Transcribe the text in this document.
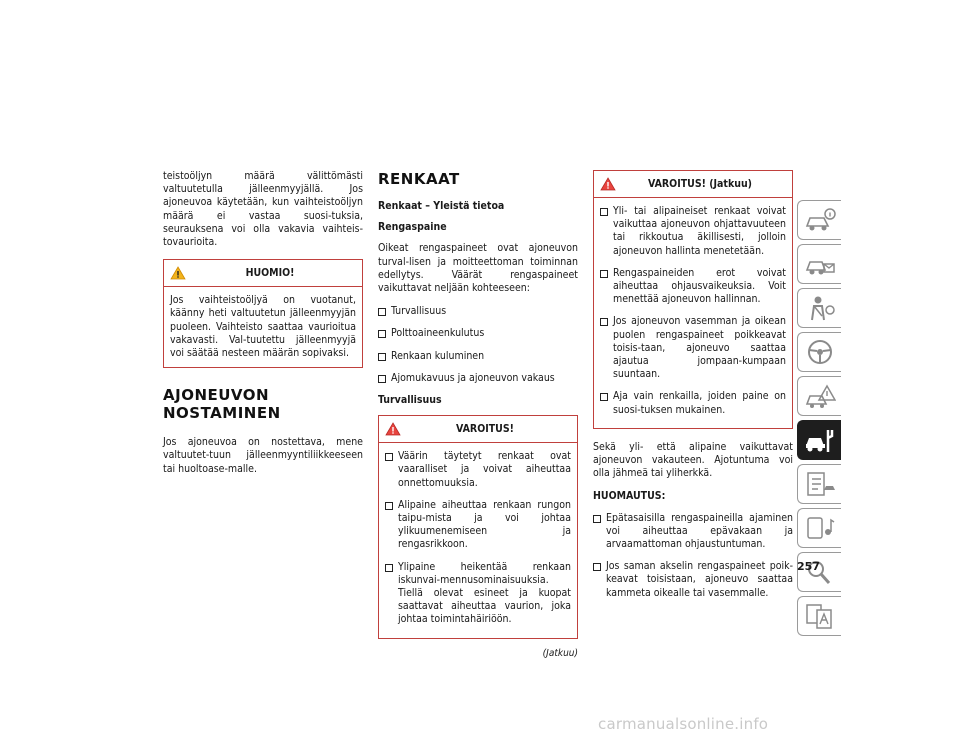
teistoöljyn määrä välittömästi valtuutetulla jälleenmyyjällä. Jos ajoneuvoa käytetään, kun vaihteistoöljyn määrä ei vastaa suosi-tuksia, seurauksena voi olla vakavia vaihteis-tovaurioita.

HUOMIO!

Jos vaihteistoöljyä on vuotanut, käänny heti valtuutetun jälleenmyyjän puoleen. Vaihteisto saattaa vaurioitua vakavasti. Val-tuutettu jälleenmyyjä voi säätää nesteen määrän sopivaksi.

AJONEUVON
NOSTAMINEN

Jos ajoneuvoa on nostettava, mene valtuutet-tuun jälleenmyyntiliikkeeseen tai huoltoase-malle.

RENKAAT
Renkaat – Yleistä tietoa
Rengaspaine

Oikeat rengaspaineet ovat ajoneuvon turval-lisen ja moitteettoman toiminnan edellytys. Väärät rengaspaineet vaikuttavat neljään kohteeseen:

Turvallisuus
Polttoaineenkulutus
Renkaan kuluminen
Ajomukavuus ja ajoneuvon vakaus
Turvallisuus
VAROITUS!
Väärin täytetyt renkaat ovat vaaralliset ja voivat aiheuttaa onnettomuuksia.
Alipaine aiheuttaa renkaan rungon taipu-mista ja voi johtaa ylikuumenemiseen ja rengasrikkoon.
Ylipaine heikentää renkaan iskunvai-mennusominaisuuksia. Tiellä olevat esineet ja kuopat saattavat aiheuttaa vaurion, joka johtaa toimintahäiriöön.
(Jatkuu)
VAROITUS! (Jatkuu)
Yli- tai alipaineiset renkaat voivat vaikuttaa ajoneuvon ohjattavuuteen tai rikkoutua äkillisesti, jolloin ajoneuvon hallinta menetetään.
Rengaspaineiden erot voivat aiheuttaa ohjausvaikeuksia. Voit menettää ajoneuvon hallinnan.
Jos ajoneuvon vasemman ja oikean puolen rengaspaineet poikkeavat toisis-taan, ajoneuvo saattaa ajautua jompaan-kumpaan suuntaan.
Aja vain renkailla, joiden paine on suosi-tuksen mukainen.

Sekä yli- että alipaine vaikuttavat ajoneuvon vakauteen. Ajotuntuma voi olla jähmeä tai yliherkkä.

HUOMAUTUS:
Epätasaisilla rengaspaineilla ajaminen voi aiheuttaa epävakaan ja arvaamattoman ohjaustuntuman.
Jos saman akselin rengaspaineet poik-keavat toisistaan, ajoneuvo saattaa kammeta oikealle tai vasemmalle.
257
carmanualsonline.info
